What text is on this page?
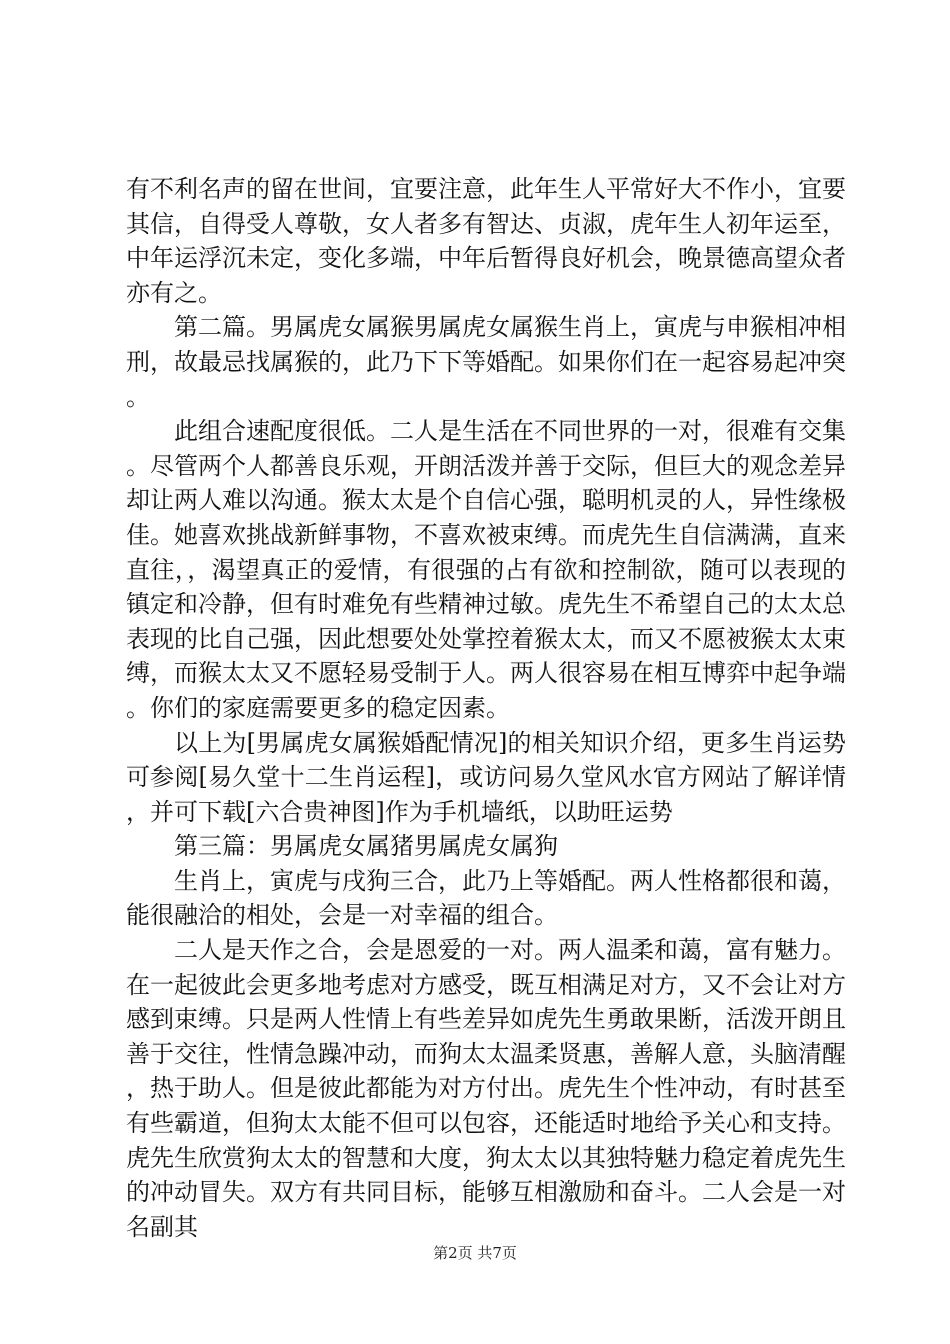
有不利名声的留在世间，宜要注意，此年生人平常好大不作小，宜要其信，自得受人尊敬，女人者多有智达、贞淑，虎年生人初年运至，中年运浮沉未定，变化多端，中年后暂得良好机会，晚景德高望众者亦有之。

第二篇。男属虎女属猴男属虎女属猴生肖上，寅虎与申猴相冲相刑，故最忌找属猴的，此乃下下等婚配。如果你们在一起容易起冲突。

此组合速配度很低。二人是生活在不同世界的一对，很难有交集。尽管两个人都善良乐观，开朗活泼并善于交际，但巨大的观念差异却让两人难以沟通。猴太太是个自信心强，聪明机灵的人，异性缘极佳。她喜欢挑战新鲜事物，不喜欢被束缚。而虎先生自信满满，直来直往，，渴望真正的爱情，有很强的占有欲和控制欲，随可以表现的镇定和冷静，但有时难免有些精神过敏。虎先生不希望自己的太太总表现的比自己强，因此想要处处掌控着猴太太，而又不愿被猴太太束缚，而猴太太又不愿轻易受制于人。两人很容易在相互博弈中起争端。你们的家庭需要更多的稳定因素。

以上为[男属虎女属猴婚配情况]的相关知识介绍，更多生肖运势可参阅[易久堂十二生肖运程]，或访问易久堂风水官方网站了解详情，并可下载[六合贵神图]作为手机墙纸，以助旺运势

第三篇：男属虎女属猪男属虎女属狗

生肖上，寅虎与戌狗三合，此乃上等婚配。两人性格都很和蔼，能很融洽的相处，会是一对幸福的组合。

二人是天作之合，会是恩爱的一对。两人温柔和蔼，富有魅力。在一起彼此会更多地考虑对方感受，既互相满足对方，又不会让对方感到束缚。只是两人性情上有些差异如虎先生勇敢果断，活泼开朗且善于交往，性情急躁冲动，而狗太太温柔贤惠，善解人意，头脑清醒，热于助人。但是彼此都能为对方付出。虎先生个性冲动，有时甚至有些霸道，但狗太太能不但可以包容，还能适时地给予关心和支持。虎先生欣赏狗太太的智慧和大度，狗太太以其独特魅力稳定着虎先生的冲动冒失。双方有共同目标，能够互相激励和奋斗。二人会是一对名副其

第2页 共7页
